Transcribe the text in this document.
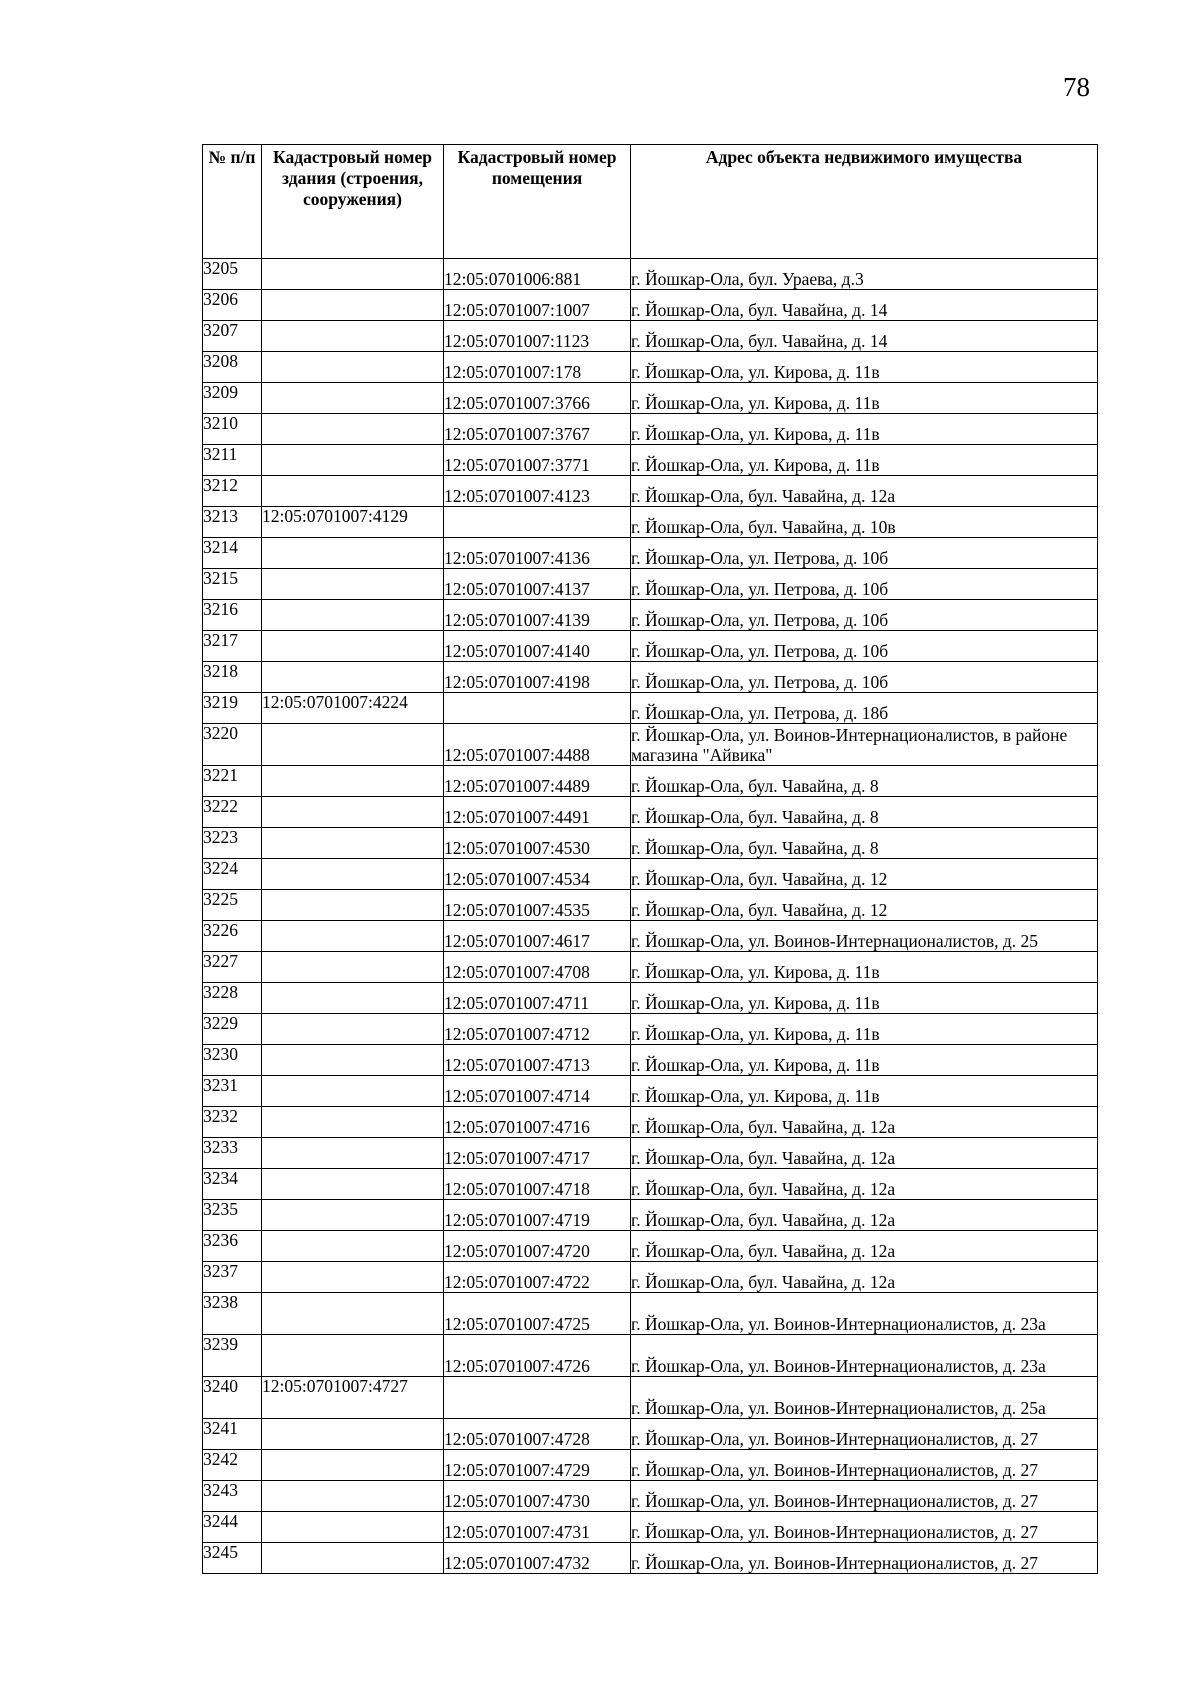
78
№ п/п	Кадастровый номер здания (строения, сооружения)	Кадастровый номер помещения	Адрес объекта недвижимого имущества
3205		12:05:0701006:881	г. Йошкар-Ола, бул. Ураева, д.3
3206		12:05:0701007:1007	г. Йошкар-Ола, бул. Чавайна, д. 14
3207		12:05:0701007:1123	г. Йошкар-Ола, бул. Чавайна, д. 14
3208		12:05:0701007:178	г. Йошкар-Ола, ул. Кирова, д. 11в
3209		12:05:0701007:3766	г. Йошкар-Ола, ул. Кирова, д. 11в
3210		12:05:0701007:3767	г. Йошкар-Ола, ул. Кирова, д. 11в
3211		12:05:0701007:3771	г. Йошкар-Ола, ул. Кирова, д. 11в
3212		12:05:0701007:4123	г. Йошкар-Ола, бул. Чавайна, д. 12а
3213	12:05:0701007:4129		г. Йошкар-Ола, бул. Чавайна, д. 10в
3214		12:05:0701007:4136	г. Йошкар-Ола, ул. Петрова, д. 10б
3215		12:05:0701007:4137	г. Йошкар-Ола, ул. Петрова, д. 10б
3216		12:05:0701007:4139	г. Йошкар-Ола, ул. Петрова, д. 10б
3217		12:05:0701007:4140	г. Йошкар-Ола, ул. Петрова, д. 10б
3218		12:05:0701007:4198	г. Йошкар-Ола, ул. Петрова, д. 10б
3219	12:05:0701007:4224		г. Йошкар-Ола, ул. Петрова, д. 18б
3220		12:05:0701007:4488	г. Йошкар-Ола, ул. Воинов-Интернационалистов, в районе магазина "Айвика"
3221		12:05:0701007:4489	г. Йошкар-Ола, бул. Чавайна, д. 8
3222		12:05:0701007:4491	г. Йошкар-Ола, бул. Чавайна, д. 8
3223		12:05:0701007:4530	г. Йошкар-Ола, бул. Чавайна, д. 8
3224		12:05:0701007:4534	г. Йошкар-Ола, бул. Чавайна, д. 12
3225		12:05:0701007:4535	г. Йошкар-Ола, бул. Чавайна, д. 12
3226		12:05:0701007:4617	г. Йошкар-Ола, ул. Воинов-Интернационалистов, д. 25
3227		12:05:0701007:4708	г. Йошкар-Ола, ул. Кирова, д. 11в
3228		12:05:0701007:4711	г. Йошкар-Ола, ул. Кирова, д. 11в
3229		12:05:0701007:4712	г. Йошкар-Ола, ул. Кирова, д. 11в
3230		12:05:0701007:4713	г. Йошкар-Ола, ул. Кирова, д. 11в
3231		12:05:0701007:4714	г. Йошкар-Ола, ул. Кирова, д. 11в
3232		12:05:0701007:4716	г. Йошкар-Ола, бул. Чавайна, д. 12а
3233		12:05:0701007:4717	г. Йошкар-Ола, бул. Чавайна, д. 12а
3234		12:05:0701007:4718	г. Йошкар-Ола, бул. Чавайна, д. 12а
3235		12:05:0701007:4719	г. Йошкар-Ола, бул. Чавайна, д. 12а
3236		12:05:0701007:4720	г. Йошкар-Ола, бул. Чавайна, д. 12а
3237		12:05:0701007:4722	г. Йошкар-Ола, бул. Чавайна, д. 12а
3238		12:05:0701007:4725	г. Йошкар-Ола, ул. Воинов-Интернационалистов, д. 23а
3239		12:05:0701007:4726	г. Йошкар-Ола, ул. Воинов-Интернационалистов, д. 23а
3240	12:05:0701007:4727		г. Йошкар-Ола, ул. Воинов-Интернационалистов, д. 25а
3241		12:05:0701007:4728	г. Йошкар-Ола, ул. Воинов-Интернационалистов, д. 27
3242		12:05:0701007:4729	г. Йошкар-Ола, ул. Воинов-Интернационалистов, д. 27
3243		12:05:0701007:4730	г. Йошкар-Ола, ул. Воинов-Интернационалистов, д. 27
3244		12:05:0701007:4731	г. Йошкар-Ола, ул. Воинов-Интернационалистов, д. 27
3245		12:05:0701007:4732	г. Йошкар-Ола, ул. Воинов-Интернационалистов, д. 27
